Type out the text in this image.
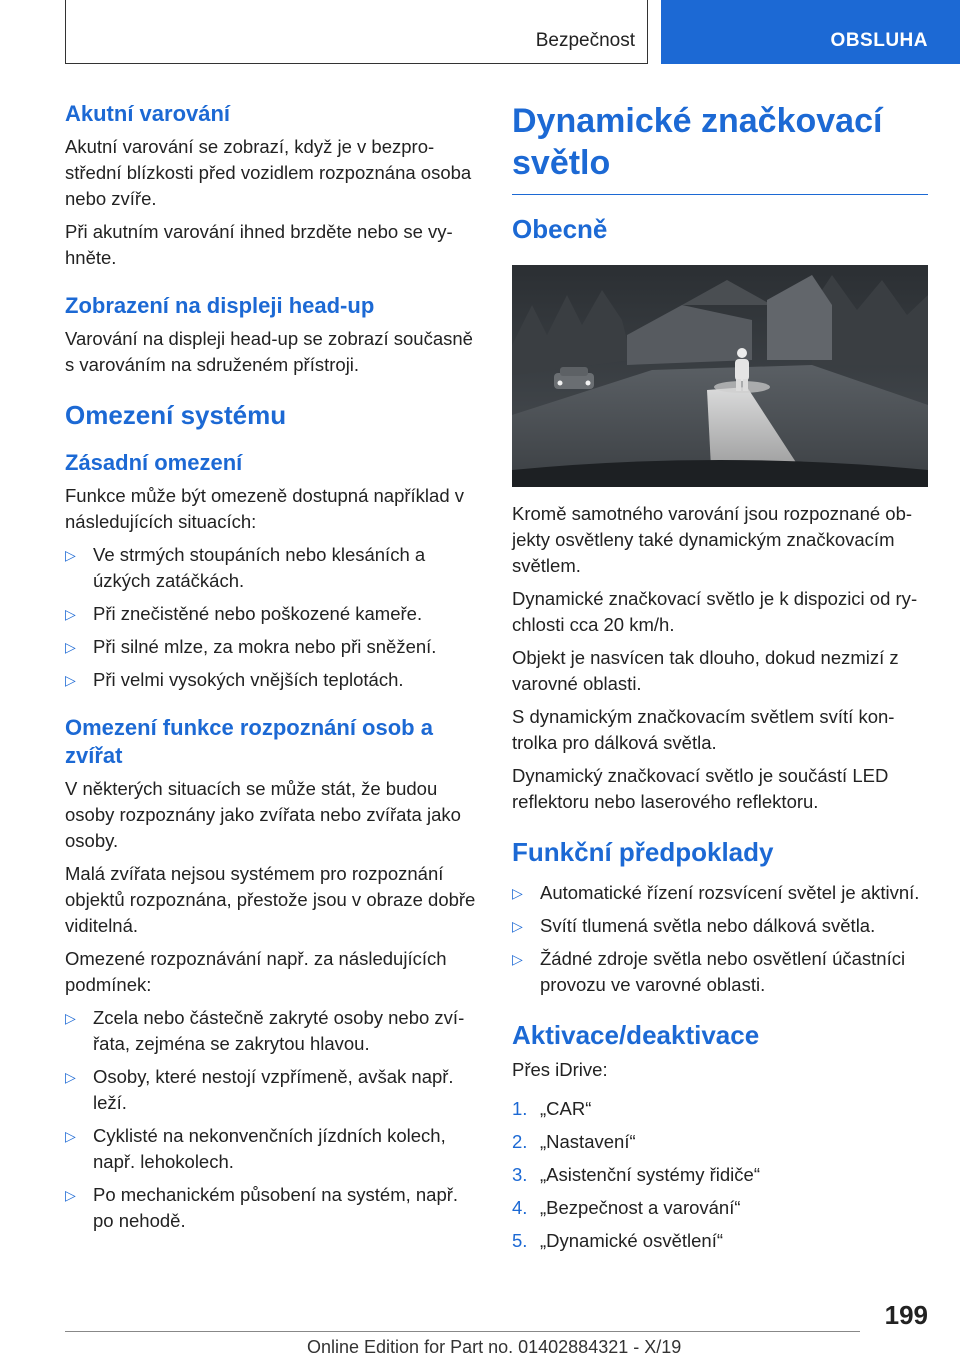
Bezpečnost	OBSLUHA
Akutní varování

Akutní varování se zobrazí, když je v bezprostřední blízkosti před vozidlem rozpoznána osoba nebo zvíře.

Při akutním varování ihned brzděte nebo se vyhněte.

Zobrazení na displeji head-up

Varování na displeji head-up se zobrazí současně s varováním na sdruženém přístroji.

Omezení systému
Zásadní omezení

Funkce může být omezeně dostupná například v následujících situacích:

▷ Ve strmých stoupáních nebo klesáních a úzkých zatáčkách.
▷ Při znečistěné nebo poškozené kameře.
▷ Při silné mlze, za mokra nebo při sněžení.
▷ Při velmi vysokých vnějších teplotách.
Omezení funkce rozpoznání osob a zvířat

V některých situacích se může stát, že budou osoby rozpoznány jako zvířata nebo zvířata jako osoby.

Malá zvířata nejsou systémem pro rozpoznání objektů rozpoznána, přestože jsou v obraze dobře viditelná.

Omezené rozpoznávání např. za následujících podmínek:

▷ Zcela nebo částečně zakryté osoby nebo zvířata, zejména se zakrytou hlavou.
▷ Osoby, které nestojí vzpřímeně, avšak např. leží.
▷ Cyklisté na nekonvenčních jízdních kolech, např. lehokolech.
▷ Po mechanickém působení na systém, např. po nehodě.
Dynamické značkovací světlo
Obecně

Kromě samotného varování jsou rozpoznané objekty osvětleny také dynamickým značkovacím světlem.

Dynamické značkovací světlo je k dispozici od rychlosti cca 20 km/h.

Objekt je nasvícen tak dlouho, dokud nezmizí z varovné oblasti.

S dynamickým značkovacím světlem svítí kontrolka pro dálková světla.

Dynamický značkovací světlo je součástí LED reflektoru nebo laserového reflektoru.

Funkční předpoklady
▷ Automatické řízení rozsvícení světel je aktivní.
▷ Svítí tlumená světla nebo dálková světla.
▷ Žádné zdroje světla nebo osvětlení účastníci provozu ve varovné oblasti.
Aktivace/deaktivace

Přes iDrive:

1. „CAR“
2. „Nastavení“
3. „Asistenční systémy řidiče“
4. „Bezpečnost a varování“
5. „Dynamické osvětlení“
199
Online Edition for Part no. 01402884321 - X/19
